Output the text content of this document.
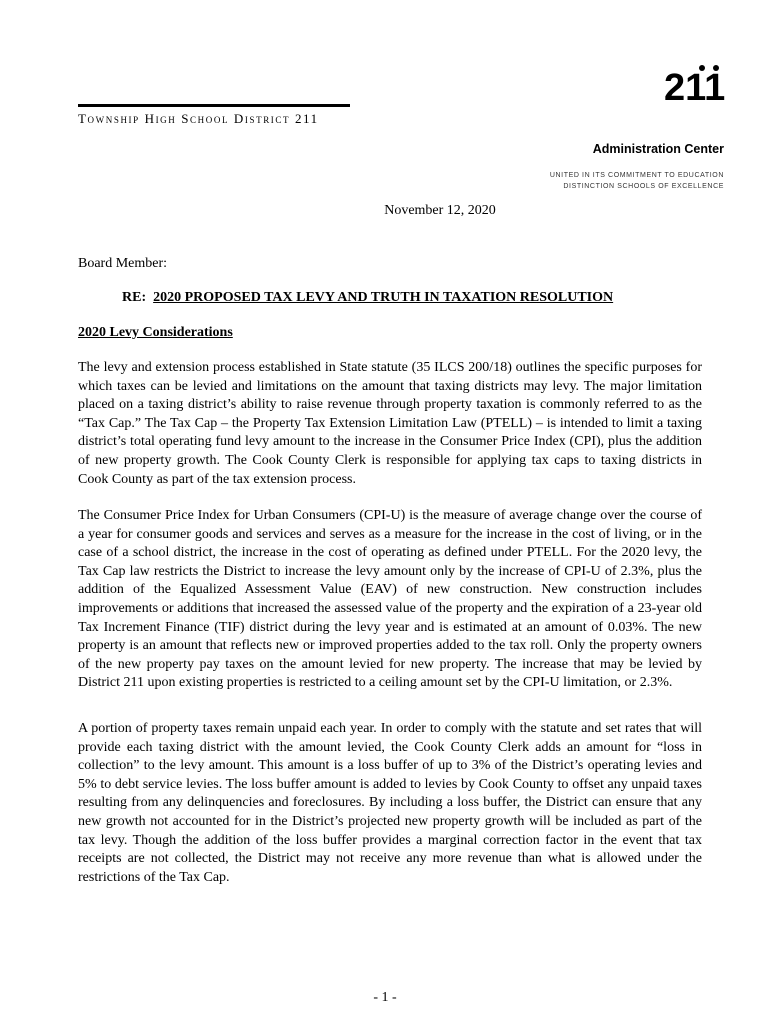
211
Township High School District 211
Administration Center
UNITED IN ITS COMMITMENT TO EDUCATION
DISTINCTION SCHOOLS OF EXCELLENCE
November 12, 2020
Board Member:
RE: 2020 PROPOSED TAX LEVY AND TRUTH IN TAXATION RESOLUTION
2020 Levy Considerations
The levy and extension process established in State statute (35 ILCS 200/18) outlines the specific purposes for which taxes can be levied and limitations on the amount that taxing districts may levy. The major limitation placed on a taxing district’s ability to raise revenue through property taxation is commonly referred to as the “Tax Cap.” The Tax Cap – the Property Tax Extension Limitation Law (PTELL) – is intended to limit a taxing district’s total operating fund levy amount to the increase in the Consumer Price Index (CPI), plus the addition of new property growth. The Cook County Clerk is responsible for applying tax caps to taxing districts in Cook County as part of the tax extension process.
The Consumer Price Index for Urban Consumers (CPI-U) is the measure of average change over the course of a year for consumer goods and services and serves as a measure for the increase in the cost of living, or in the case of a school district, the increase in the cost of operating as defined under PTELL. For the 2020 levy, the Tax Cap law restricts the District to increase the levy amount only by the increase of CPI-U of 2.3%, plus the addition of the Equalized Assessment Value (EAV) of new construction. New construction includes improvements or additions that increased the assessed value of the property and the expiration of a 23-year old Tax Increment Finance (TIF) district during the levy year and is estimated at an amount of 0.03%. The new property is an amount that reflects new or improved properties added to the tax roll. Only the property owners of the new property pay taxes on the amount levied for new property. The increase that may be levied by District 211 upon existing properties is restricted to a ceiling amount set by the CPI-U limitation, or 2.3%.
A portion of property taxes remain unpaid each year. In order to comply with the statute and set rates that will provide each taxing district with the amount levied, the Cook County Clerk adds an amount for “loss in collection” to the levy amount. This amount is a loss buffer of up to 3% of the District’s operating levies and 5% to debt service levies. The loss buffer amount is added to levies by Cook County to offset any unpaid taxes resulting from any delinquencies and foreclosures. By including a loss buffer, the District can ensure that any new growth not accounted for in the District’s projected new property growth will be included as part of the tax levy. Though the addition of the loss buffer provides a marginal correction factor in the event that tax receipts are not collected, the District may not receive any more revenue than what is allowed under the restrictions of the Tax Cap.
- 1 -
